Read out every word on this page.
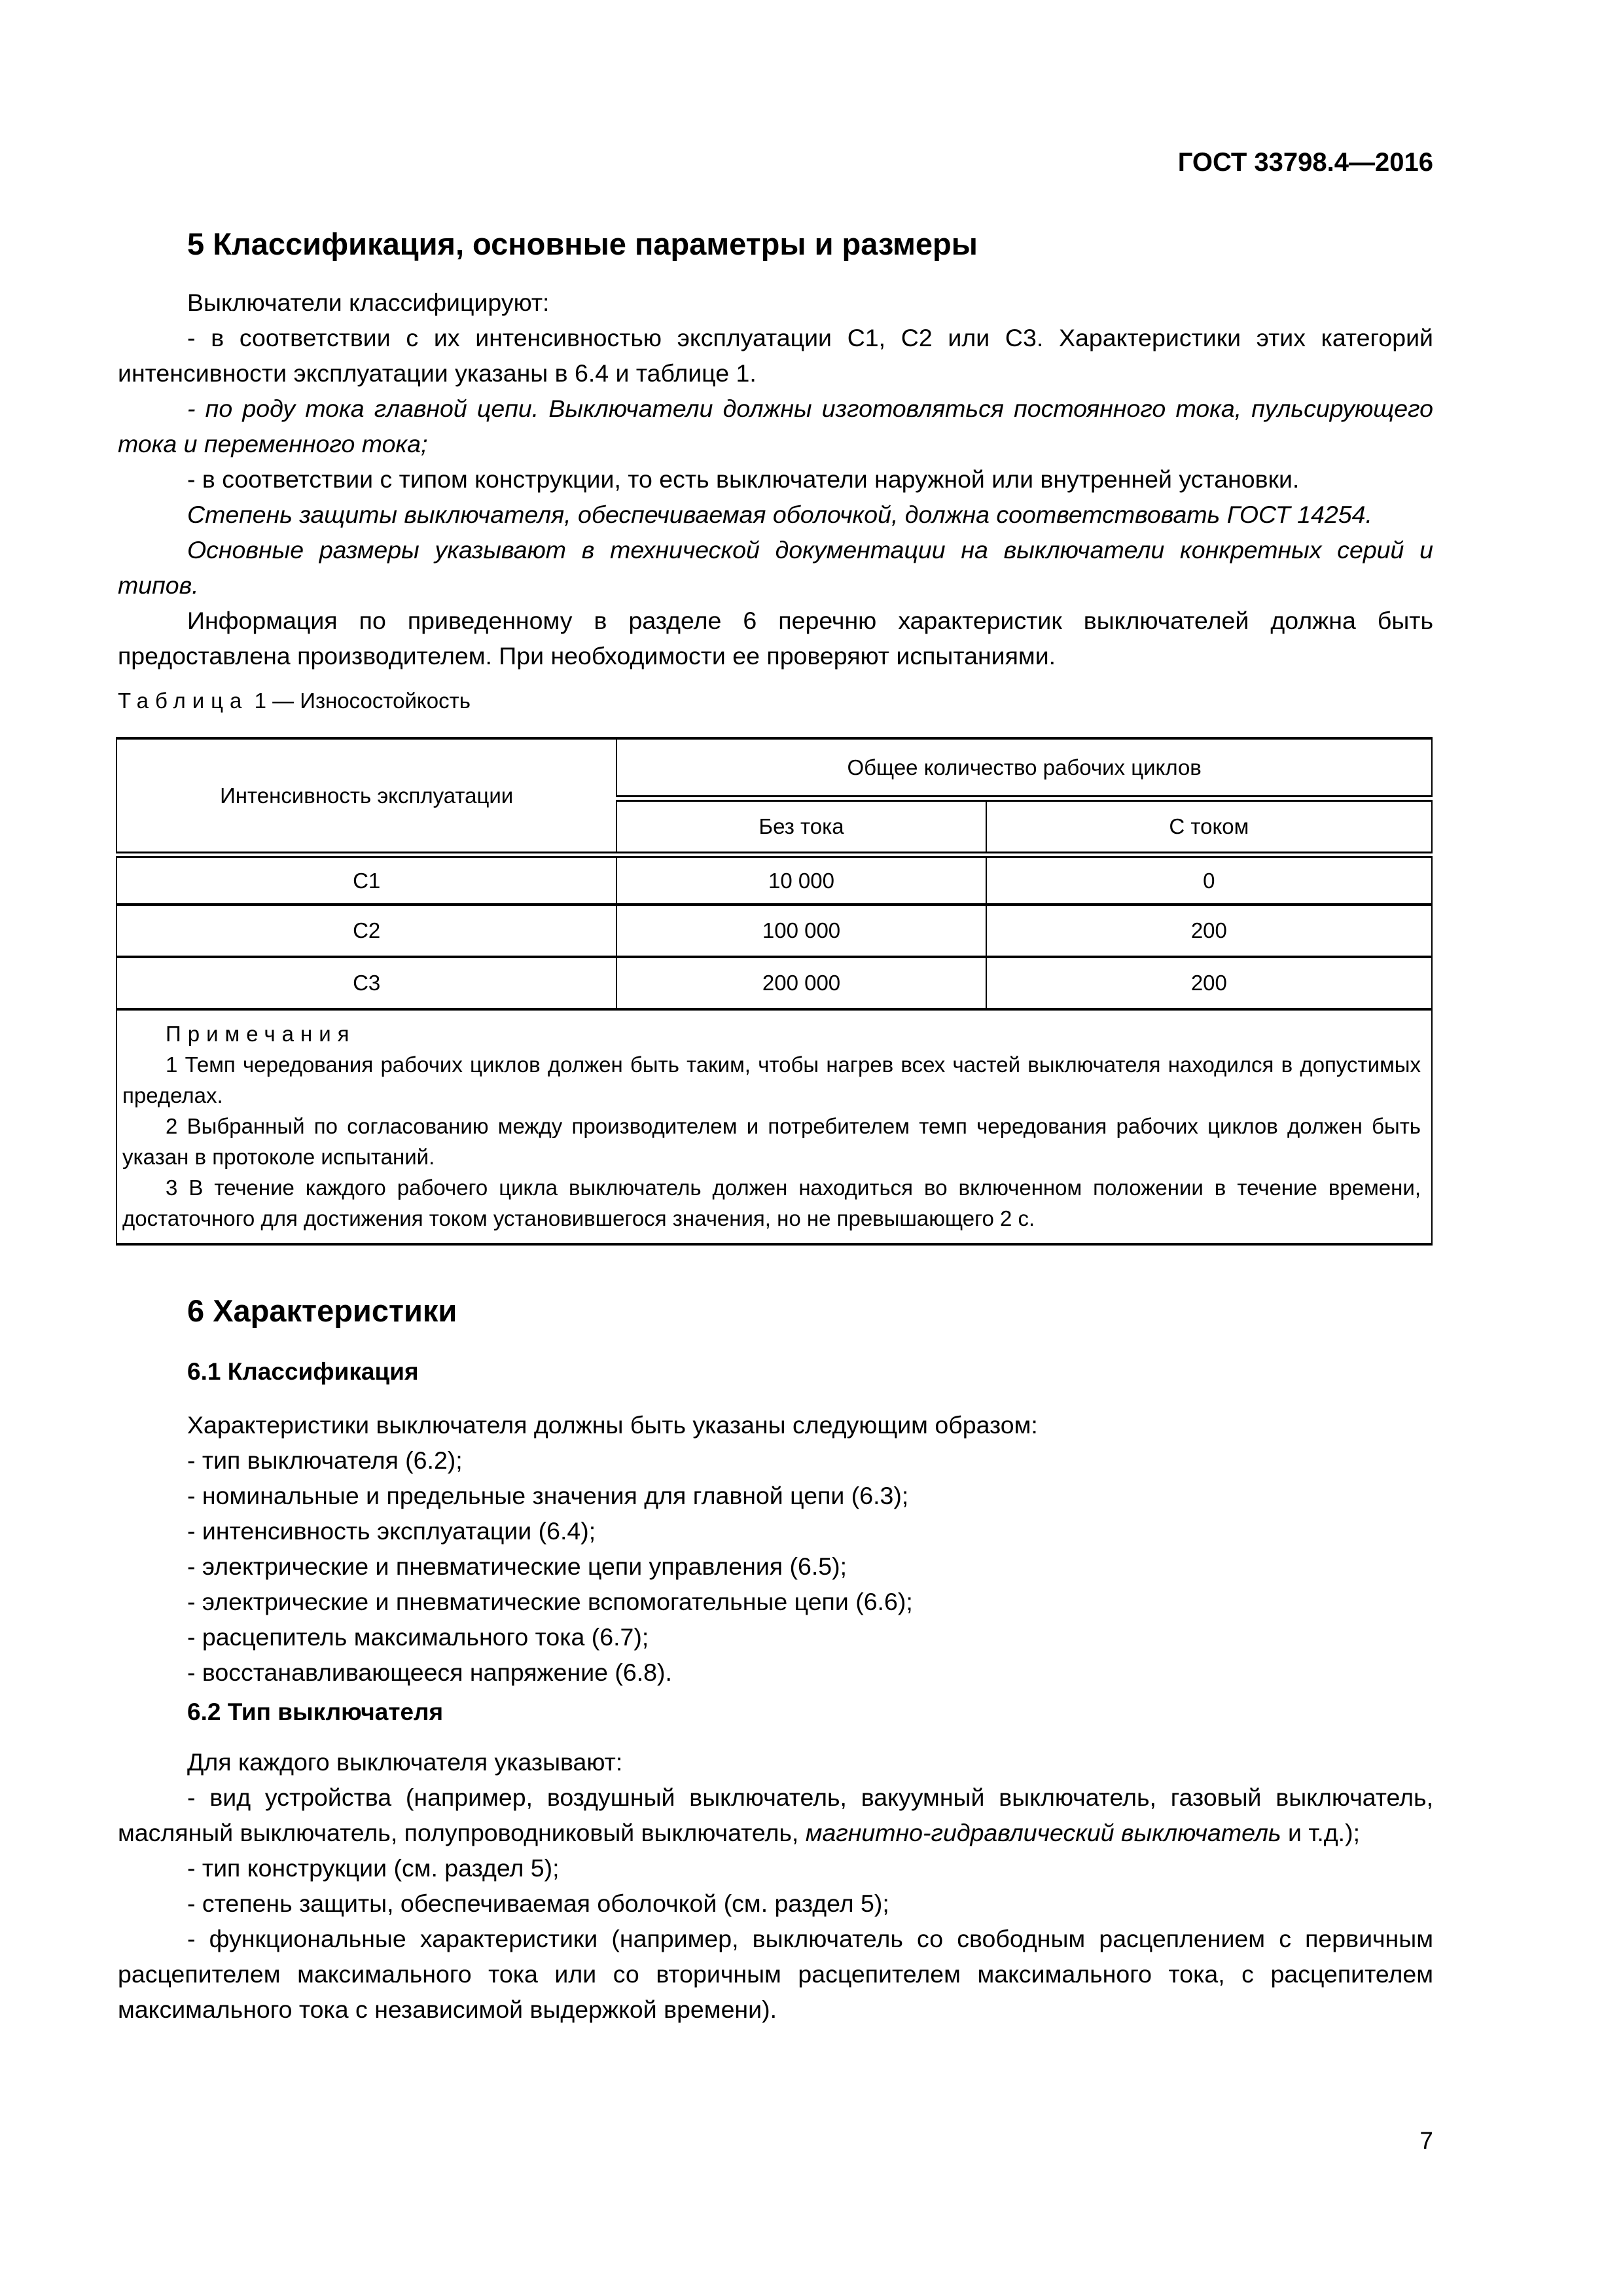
ГОСТ 33798.4—2016
5 Классификация, основные параметры и размеры

Выключатели классифицируют:

- в соответствии с их интенсивностью эксплуатации С1, С2 или С3. Характеристики этих категорий интенсивности эксплуатации указаны в 6.4 и таблице 1.

- по роду тока главной цепи. Выключатели должны изготовляться постоянного тока, пульсирующего тока и переменного тока;

- в соответствии с типом конструкции, то есть выключатели наружной или внутренней установки.

Степень защиты выключателя, обеспечиваемая оболочкой, должна соответствовать ГОСТ 14254.

Основные размеры указывают в технической документации на выключатели конкретных серий и типов.

Информация по приведенному в разделе 6 перечню характеристик выключателей должна быть предоставлена производителем. При необходимости ее проверяют испытаниями.

Таблица 1 — Износостойкость

Интенсивность эксплуатации	Общее количество рабочих циклов	
	Без тока	С током
С1	10 000	0
С2	100 000	200
С3	200 000	200

Примечания
1 Темп чередования рабочих циклов должен быть таким, чтобы нагрев всех частей выключателя находился в допустимых пределах.
2 Выбранный по согласованию между производителем и потребителем темп чередования рабочих циклов должен быть указан в протоколе испытаний.
3 В течение каждого рабочего цикла выключатель должен находиться во включенном положении в течение времени, достаточного для достижения током установившегося значения, но не превышающего 2 с.		
6 Характеристики
6.1 Классификация

Характеристики выключателя должны быть указаны следующим образом:

- тип выключателя (6.2);

- номинальные и предельные значения для главной цепи (6.3);

- интенсивность эксплуатации (6.4);

- электрические и пневматические цепи управления (6.5);

- электрические и пневматические вспомогательные цепи (6.6);

- расцепитель максимального тока (6.7);

- восстанавливающееся напряжение (6.8).

6.2 Тип выключателя

Для каждого выключателя указывают:

- вид устройства (например, воздушный выключатель, вакуумный выключатель, газовый выключатель, масляный выключатель, полупроводниковый выключатель, магнитно-гидравлический выключатель и т.д.);

- тип конструкции (см. раздел 5);

- степень защиты, обеспечиваемая оболочкой (см. раздел 5);

- функциональные характеристики (например, выключатель со свободным расцеплением с первичным расцепителем максимального тока или со вторичным расцепителем максимального тока, с расцепителем максимального тока с независимой выдержкой времени).

7
